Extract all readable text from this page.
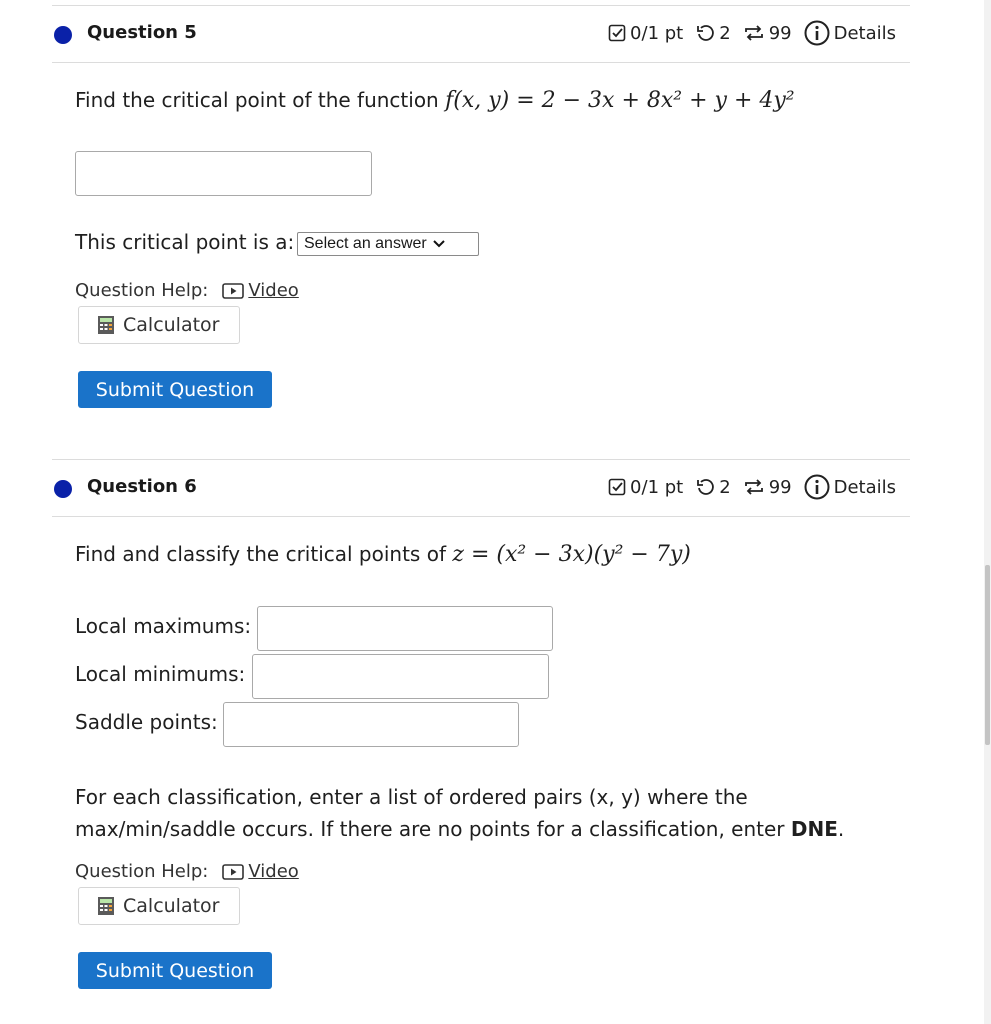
Question 5	0/1 pt 2 99 Details
Find the critical point of the function f(x, y) = 2 − 3x + 8x² + y + 4y²
This critical point is a: Select an answer
Question Help: Video
Calculator
Submit Question
Question 6	0/1 pt 2 99 Details
Find and classify the critical points of z = (x² − 3x)(y² − 7y)
Local maximums:
Local minimums:
Saddle points:
For each classification, enter a list of ordered pairs (x, y) where the
max/min/saddle occurs. If there are no points for a classification, enter DNE.
Question Help: Video
Calculator
Submit Question
